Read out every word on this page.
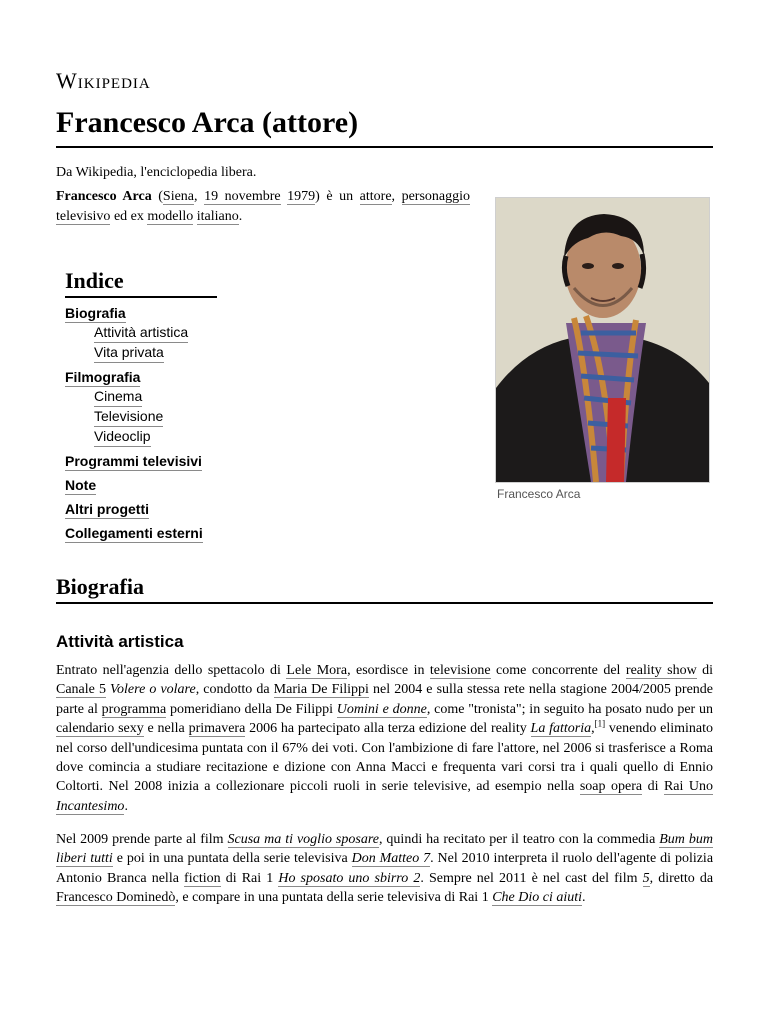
Wikipedia
Francesco Arca (attore)
Da Wikipedia, l'enciclopedia libera.
Francesco Arca (Siena, 19 novembre 1979) è un attore, personaggio televisivo ed ex modello italiano.
Francesco Arca
Indice
Biografia
Attività artistica
Vita privata
Filmografia
Cinema
Televisione
Videoclip
Programmi televisivi
Note
Altri progetti
Collegamenti esterni
Biografia
Attività artistica

Entrato nell'agenzia dello spettacolo di Lele Mora, esordisce in televisione come concorrente del reality show di Canale 5 Volere o volare, condotto da Maria De Filippi nel 2004 e sulla stessa rete nella stagione 2004/2005 prende parte al programma pomeridiano della De Filippi Uomini e donne, come "tronista"; in seguito ha posato nudo per un calendario sexy e nella primavera 2006 ha partecipato alla terza edizione del reality La fattoria,[1] venendo eliminato nel corso dell'undicesima puntata con il 67% dei voti. Con l'ambizione di fare l'attore, nel 2006 si trasferisce a Roma dove comincia a studiare recitazione e dizione con Anna Macci e frequenta vari corsi tra i quali quello di Ennio Coltorti. Nel 2008 inizia a collezionare piccoli ruoli in serie televisive, ad esempio nella soap opera di Rai Uno Incantesimo.

Nel 2009 prende parte al film Scusa ma ti voglio sposare, quindi ha recitato per il teatro con la commedia Bum bum liberi tutti e poi in una puntata della serie televisiva Don Matteo 7. Nel 2010 interpreta il ruolo dell'agente di polizia Antonio Branca nella fiction di Rai 1 Ho sposato uno sbirro 2. Sempre nel 2011 è nel cast del film 5, diretto da Francesco Dominedò, e compare in una puntata della serie televisiva di Rai 1 Che Dio ci aiuti.
